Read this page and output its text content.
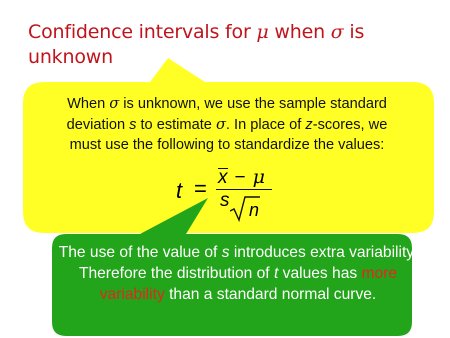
Confidence intervals for μ when σ is unknown
When σ is unknown, we use the sample standard
deviation s to estimate σ. In place of z-scores, we
must use the following to standardize the values:
t = x − μ
s n
The use of the value of s introduces extra variability. Therefore the distribution of t values has more variability than a standard normal curve.
